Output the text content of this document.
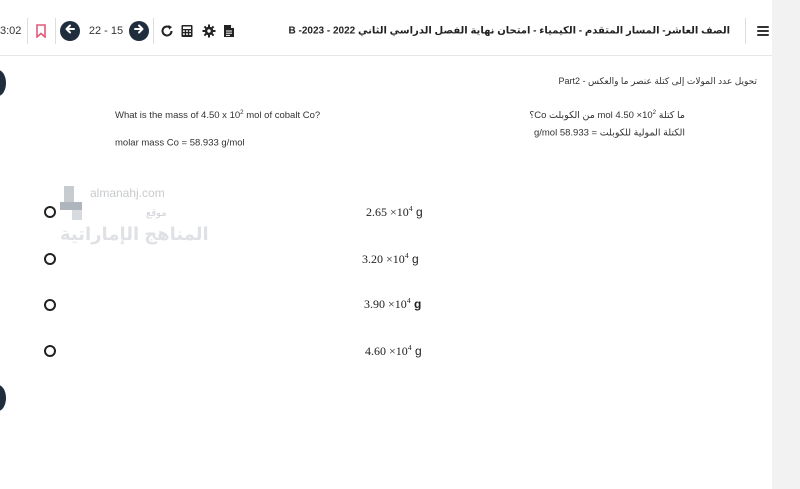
3:02	22 - 15	الصف العاشر- المسار المتقدم - الكيمياء - امتحان نهاية الفصل الدراسي الثاني 2022 - 2023- B
تحويل عدد المولات إلى كتلة عنصر ما والعكس - Part2
What is the mass of 4.50 x $10^2$ mol of cobalt Co?
molar mass Co = 58.933 g/mol
ما كتلة $4.50 \times 10^2$ mol من الكوبلت Co؟
الكتلة المولية للكوبلت = 58.933 g/mol
$2.65 \times 10^4$ g
$3.20 \times 10^4$ g
$3.90 \times 10^4$ g
$4.60 \times 10^4$ g
almanahj.com
موقع
المناهج الإماراتية
